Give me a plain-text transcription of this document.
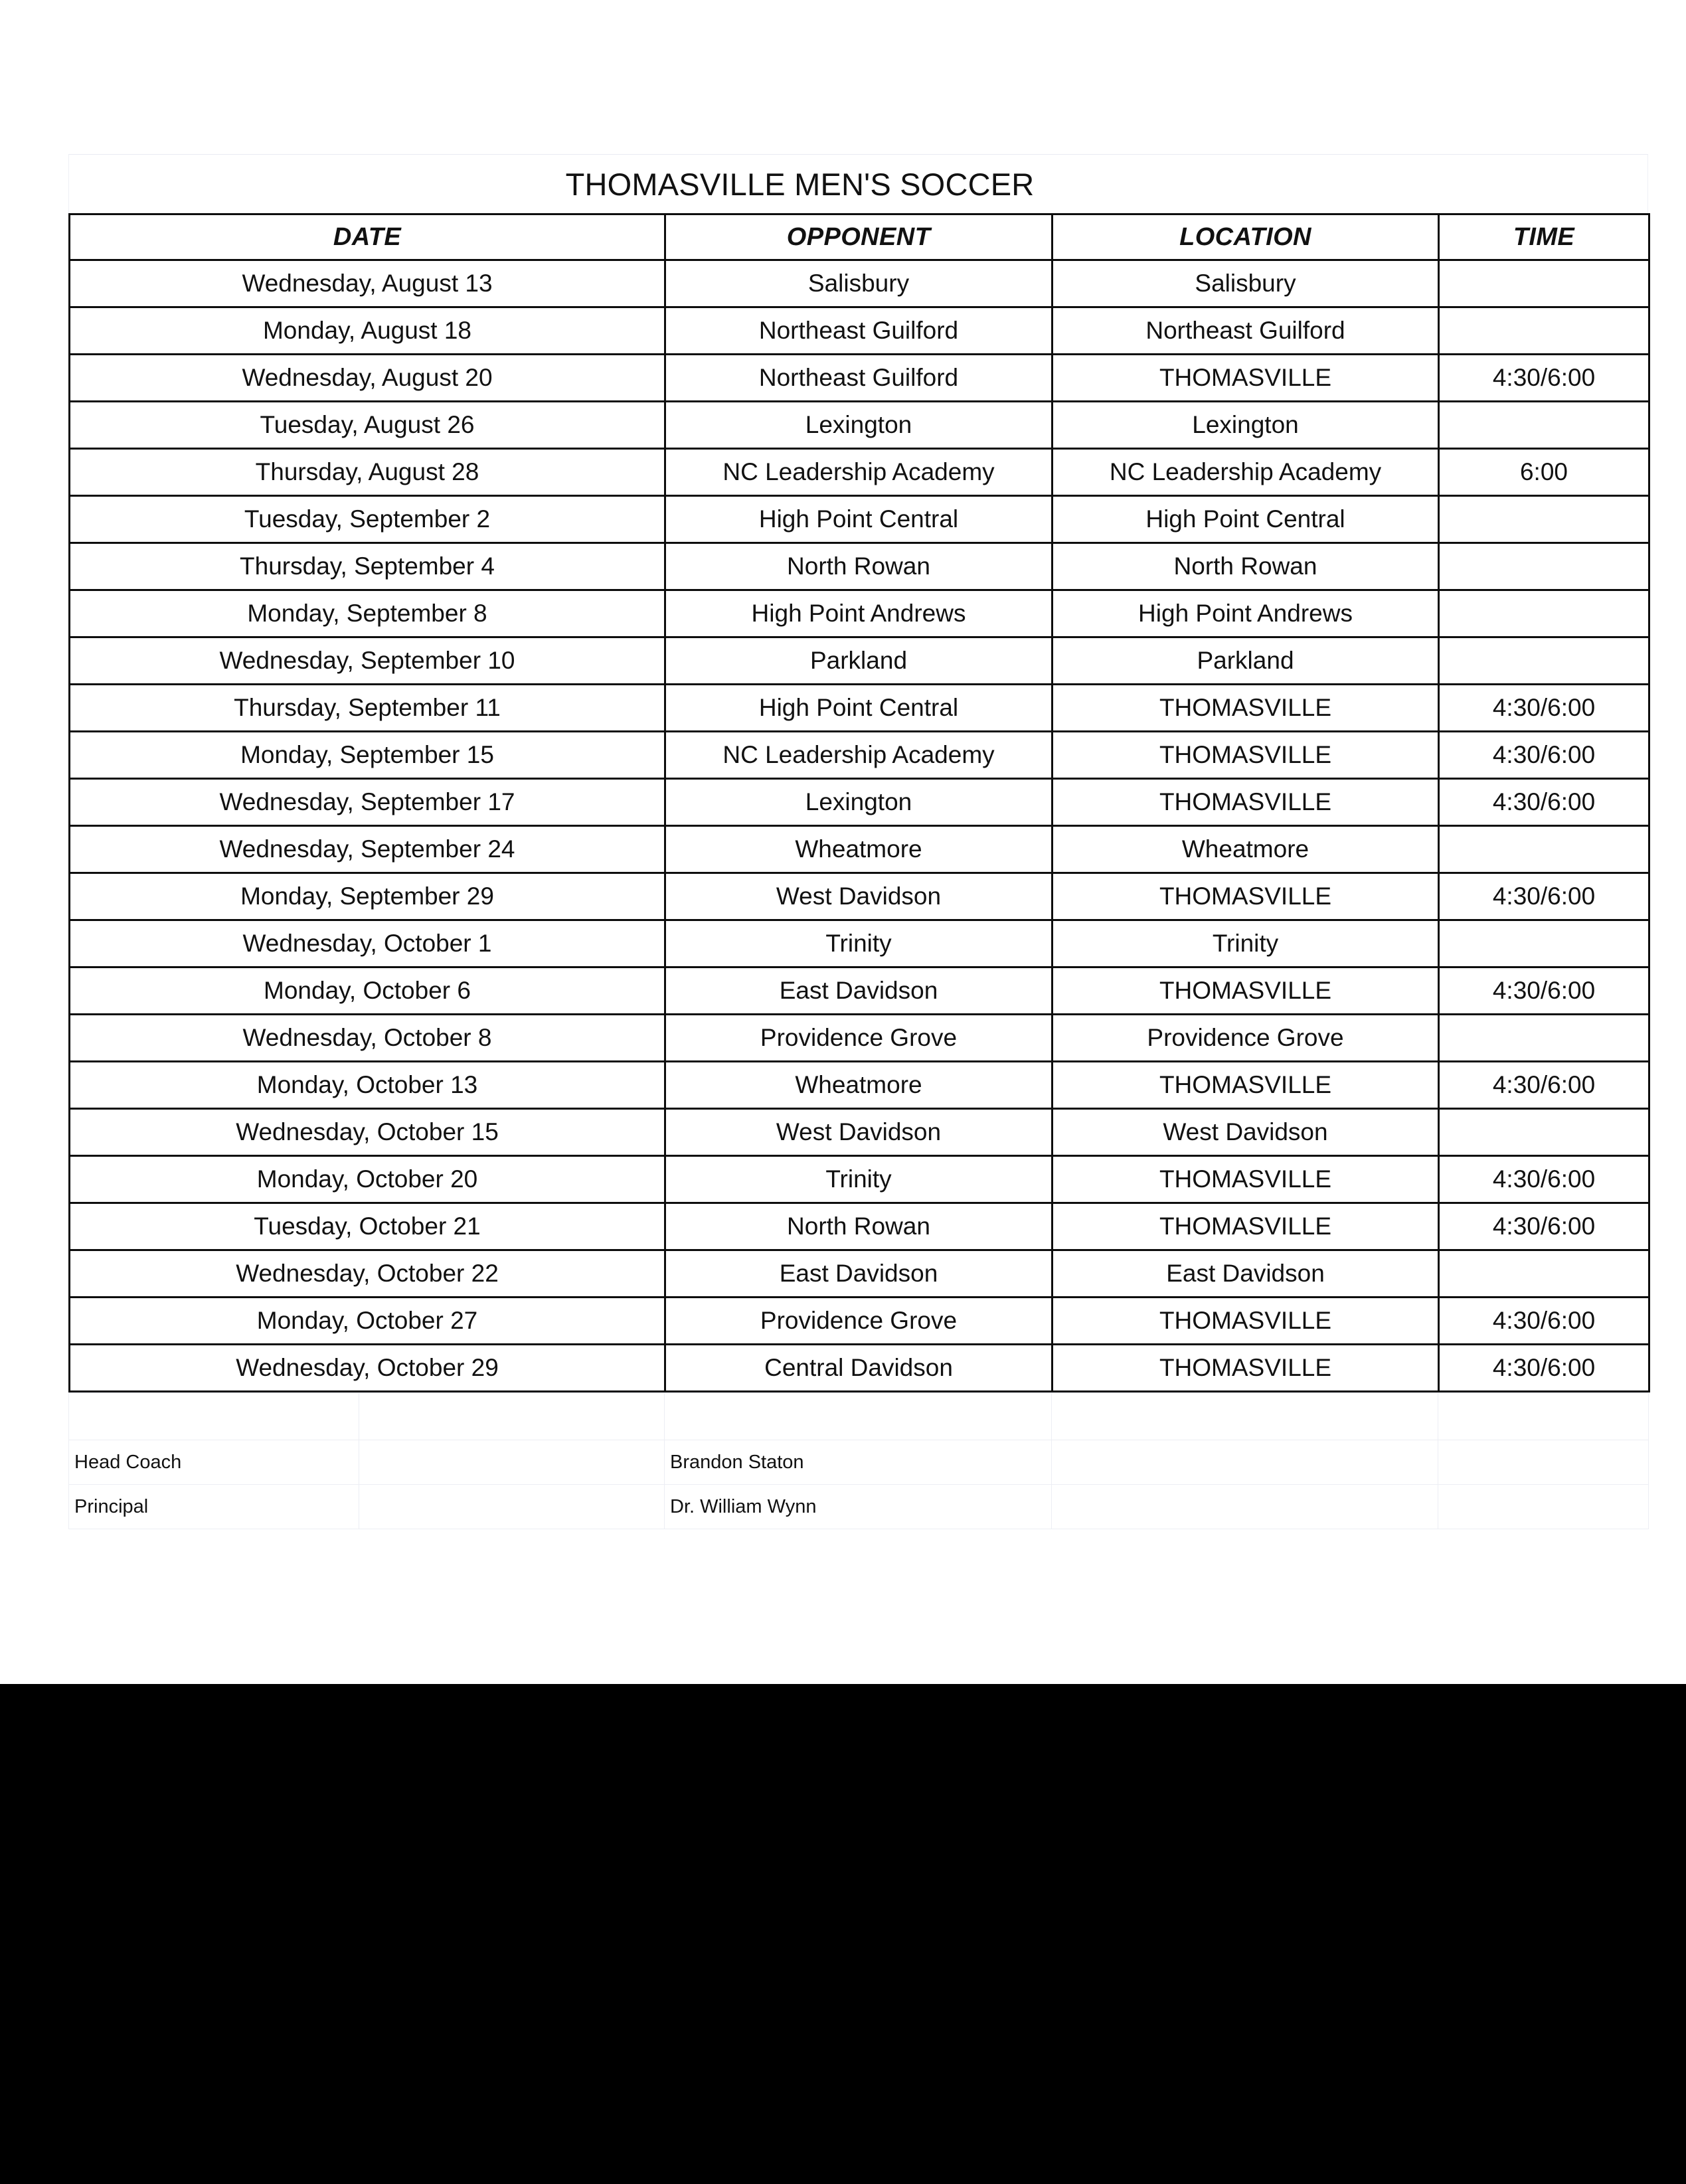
THOMASVILLE MEN'S SOCCER
DATE	OPPONENT	LOCATION	TIME
Wednesday, August 13	Salisbury	Salisbury	
Monday, August 18	Northeast Guilford	Northeast Guilford	
Wednesday, August 20	Northeast Guilford	THOMASVILLE	4:30/6:00
Tuesday, August 26	Lexington	Lexington	
Thursday, August 28	NC Leadership Academy	NC Leadership Academy	6:00
Tuesday, September 2	High Point Central	High Point Central	
Thursday, September 4	North Rowan	North Rowan	
Monday, September 8	High Point Andrews	High Point Andrews	
Wednesday, September 10	Parkland	Parkland	
Thursday, September 11	High Point Central	THOMASVILLE	4:30/6:00
Monday, September 15	NC Leadership Academy	THOMASVILLE	4:30/6:00
Wednesday, September 17	Lexington	THOMASVILLE	4:30/6:00
Wednesday, September 24	Wheatmore	Wheatmore	
Monday, September 29	West Davidson	THOMASVILLE	4:30/6:00
Wednesday, October 1	Trinity	Trinity	
Monday, October 6	East Davidson	THOMASVILLE	4:30/6:00
Wednesday, October 8	Providence Grove	Providence Grove	
Monday, October 13	Wheatmore	THOMASVILLE	4:30/6:00
Wednesday, October 15	West Davidson	West Davidson	
Monday, October 20	Trinity	THOMASVILLE	4:30/6:00
Tuesday, October 21	North Rowan	THOMASVILLE	4:30/6:00
Wednesday, October 22	East Davidson	East Davidson	
Monday, October 27	Providence Grove	THOMASVILLE	4:30/6:00
Wednesday, October 29	Central Davidson	THOMASVILLE	4:30/6:00

Head Coach		Brandon Staton		
Principal		Dr. William Wynn		
